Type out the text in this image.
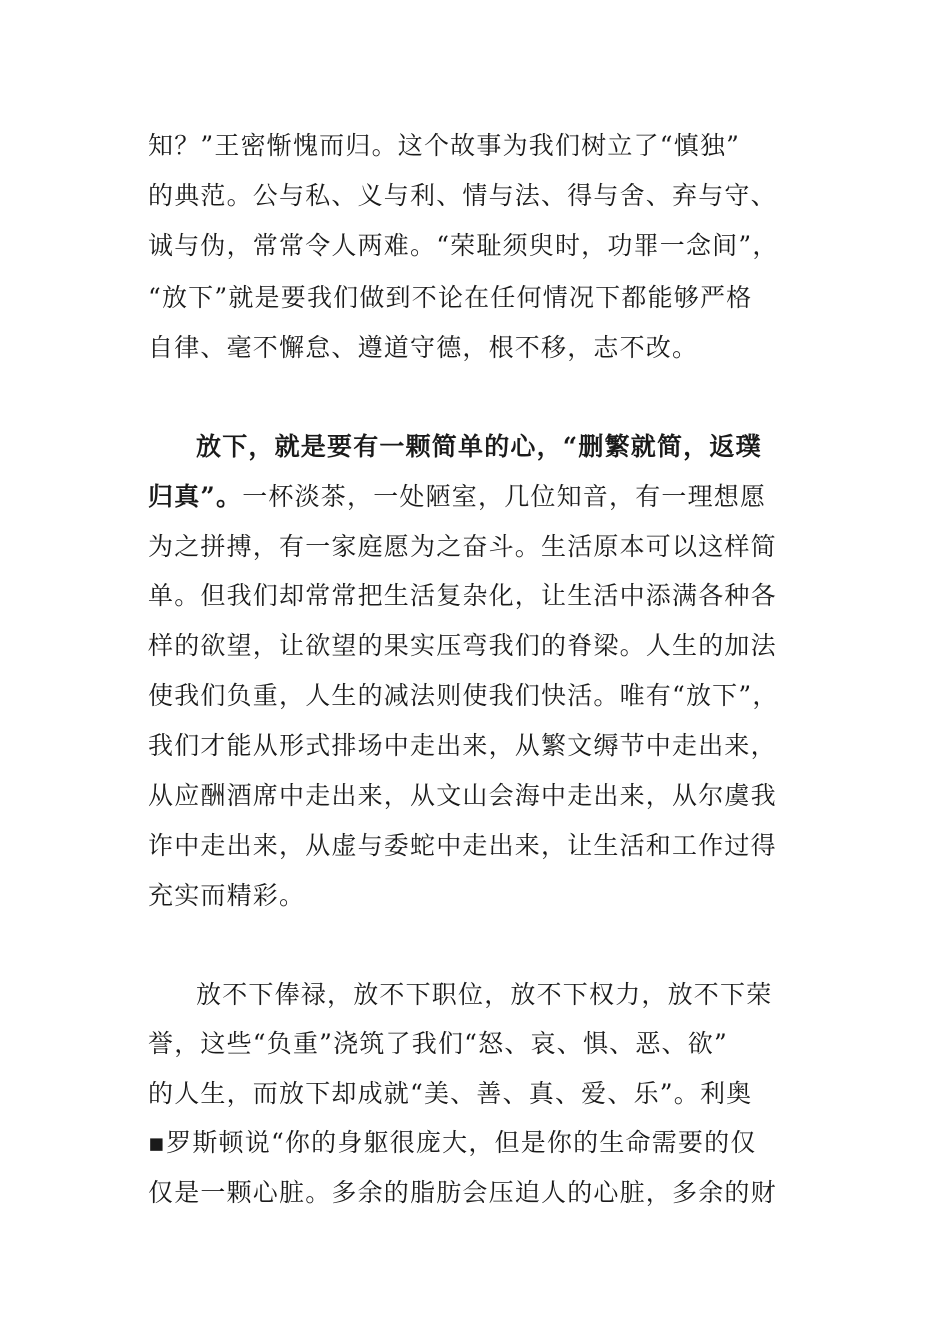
知？”王密惭愧而归。这个故事为我们树立了“慎独”
的典范。公与私、义与利、情与法、得与舍、弃与守、
诚与伪，常常令人两难。“荣耻须臾时，功罪一念间”，
“放下”就是要我们做到不论在任何情况下都能够严格
自律、毫不懈怠、遵道守德，根不移，志不改。
放下，就是要有一颗简单的心，“删繁就简，返璞
归真”。一杯淡茶，一处陋室，几位知音，有一理想愿
为之拼搏，有一家庭愿为之奋斗。生活原本可以这样简
单。但我们却常常把生活复杂化，让生活中添满各种各
样的欲望，让欲望的果实压弯我们的脊梁。人生的加法
使我们负重，人生的减法则使我们快活。唯有“放下”，
我们才能从形式排场中走出来，从繁文缛节中走出来，
从应酬酒席中走出来，从文山会海中走出来，从尔虞我
诈中走出来，从虚与委蛇中走出来，让生活和工作过得
充实而精彩。
放不下俸禄，放不下职位，放不下权力，放不下荣
誉，这些“负重”浇筑了我们“怒、哀、惧、恶、欲”
的人生，而放下却成就“美、善、真、爱、乐”。利奥
▪罗斯顿说“你的身躯很庞大，但是你的生命需要的仅
仅是一颗心脏。多余的脂肪会压迫人的心脏，多余的财
